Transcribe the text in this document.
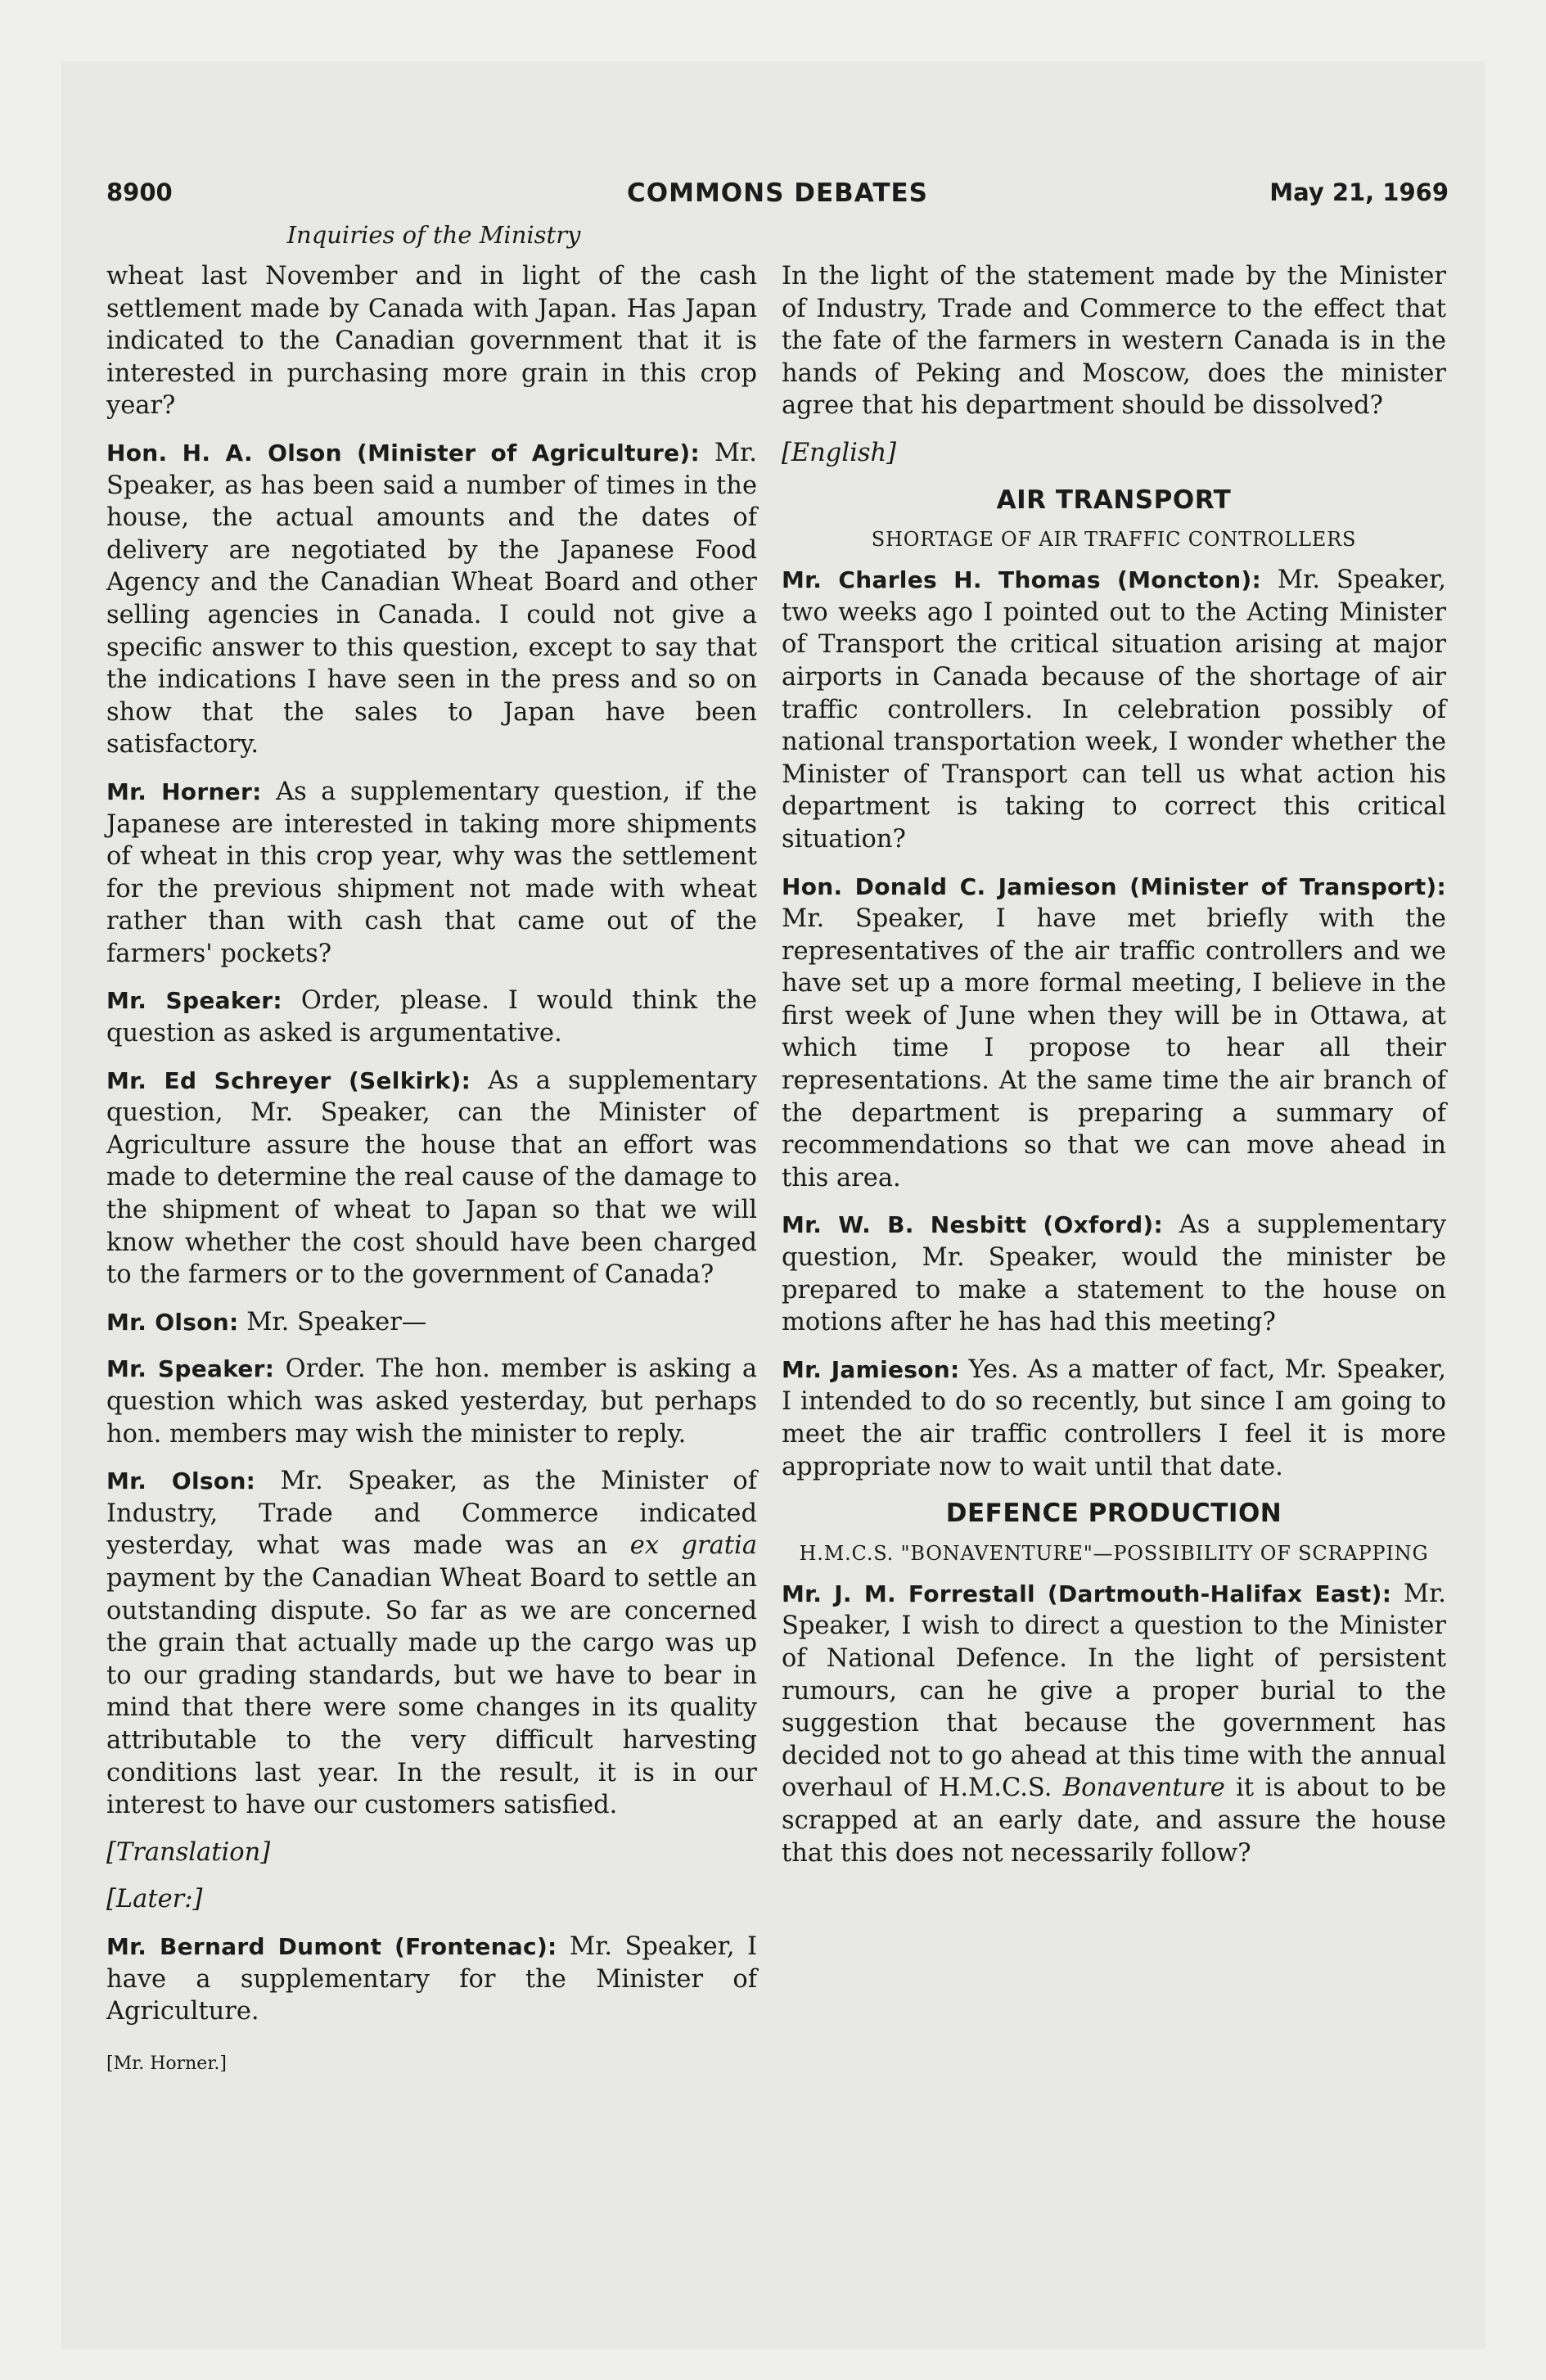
8900	COMMONS DEBATES	May 21, 1969
Inquiries of the Ministry

wheat last November and in light of the cash settlement made by Canada with Japan. Has Japan indicated to the Canadian government that it is interested in purchasing more grain in this crop year?

Hon. H. A. Olson (Minister of Agriculture): Mr. Speaker, as has been said a number of times in the house, the actual amounts and the dates of delivery are negotiated by the Japanese Food Agency and the Canadian Wheat Board and other selling agencies in Canada. I could not give a specific answer to this question, except to say that the indications I have seen in the press and so on show that the sales to Japan have been satisfactory.

Mr. Horner: As a supplementary question, if the Japanese are interested in taking more shipments of wheat in this crop year, why was the settlement for the previous shipment not made with wheat rather than with cash that came out of the farmers' pockets?

Mr. Speaker: Order, please. I would think the question as asked is argumentative.

Mr. Ed Schreyer (Selkirk): As a supplementary question, Mr. Speaker, can the Minister of Agriculture assure the house that an effort was made to determine the real cause of the damage to the shipment of wheat to Japan so that we will know whether the cost should have been charged to the farmers or to the government of Canada?

Mr. Olson: Mr. Speaker—

Mr. Speaker: Order. The hon. member is asking a question which was asked yesterday, but perhaps hon. members may wish the minister to reply.

Mr. Olson: Mr. Speaker, as the Minister of Industry, Trade and Commerce indicated yesterday, what was made was an ex gratia payment by the Canadian Wheat Board to settle an outstanding dispute. So far as we are concerned the grain that actually made up the cargo was up to our grading standards, but we have to bear in mind that there were some changes in its quality attributable to the very difficult harvesting conditions last year. In the result, it is in our interest to have our customers satisfied.

[Translation]

[Later:]

Mr. Bernard Dumont (Frontenac): Mr. Speaker, I have a supplementary for the Minister of Agriculture.

[Mr. Horner.]

In the light of the statement made by the Minister of Industry, Trade and Commerce to the effect that the fate of the farmers in western Canada is in the hands of Peking and Moscow, does the minister agree that his department should be dissolved?

[English]

AIR TRANSPORT
SHORTAGE OF AIR TRAFFIC CONTROLLERS

Mr. Charles H. Thomas (Moncton): Mr. Speaker, two weeks ago I pointed out to the Acting Minister of Transport the critical situation arising at major airports in Canada because of the shortage of air traffic controllers. In celebration possibly of national transportation week, I wonder whether the Minister of Transport can tell us what action his department is taking to correct this critical situation?

Hon. Donald C. Jamieson (Minister of Transport): Mr. Speaker, I have met briefly with the representatives of the air traffic controllers and we have set up a more formal meeting, I believe in the first week of June when they will be in Ottawa, at which time I propose to hear all their representations. At the same time the air branch of the department is preparing a summary of recommendations so that we can move ahead in this area.

Mr. W. B. Nesbitt (Oxford): As a supplementary question, Mr. Speaker, would the minister be prepared to make a statement to the house on motions after he has had this meeting?

Mr. Jamieson: Yes. As a matter of fact, Mr. Speaker, I intended to do so recently, but since I am going to meet the air traffic controllers I feel it is more appropriate now to wait until that date.

DEFENCE PRODUCTION
H.M.C.S. "BONAVENTURE"—POSSIBILITY OF SCRAPPING

Mr. J. M. Forrestall (Dartmouth-Halifax East): Mr. Speaker, I wish to direct a question to the Minister of National Defence. In the light of persistent rumours, can he give a proper burial to the suggestion that because the government has decided not to go ahead at this time with the annual overhaul of H.M.C.S. Bonaventure it is about to be scrapped at an early date, and assure the house that this does not necessarily follow?
